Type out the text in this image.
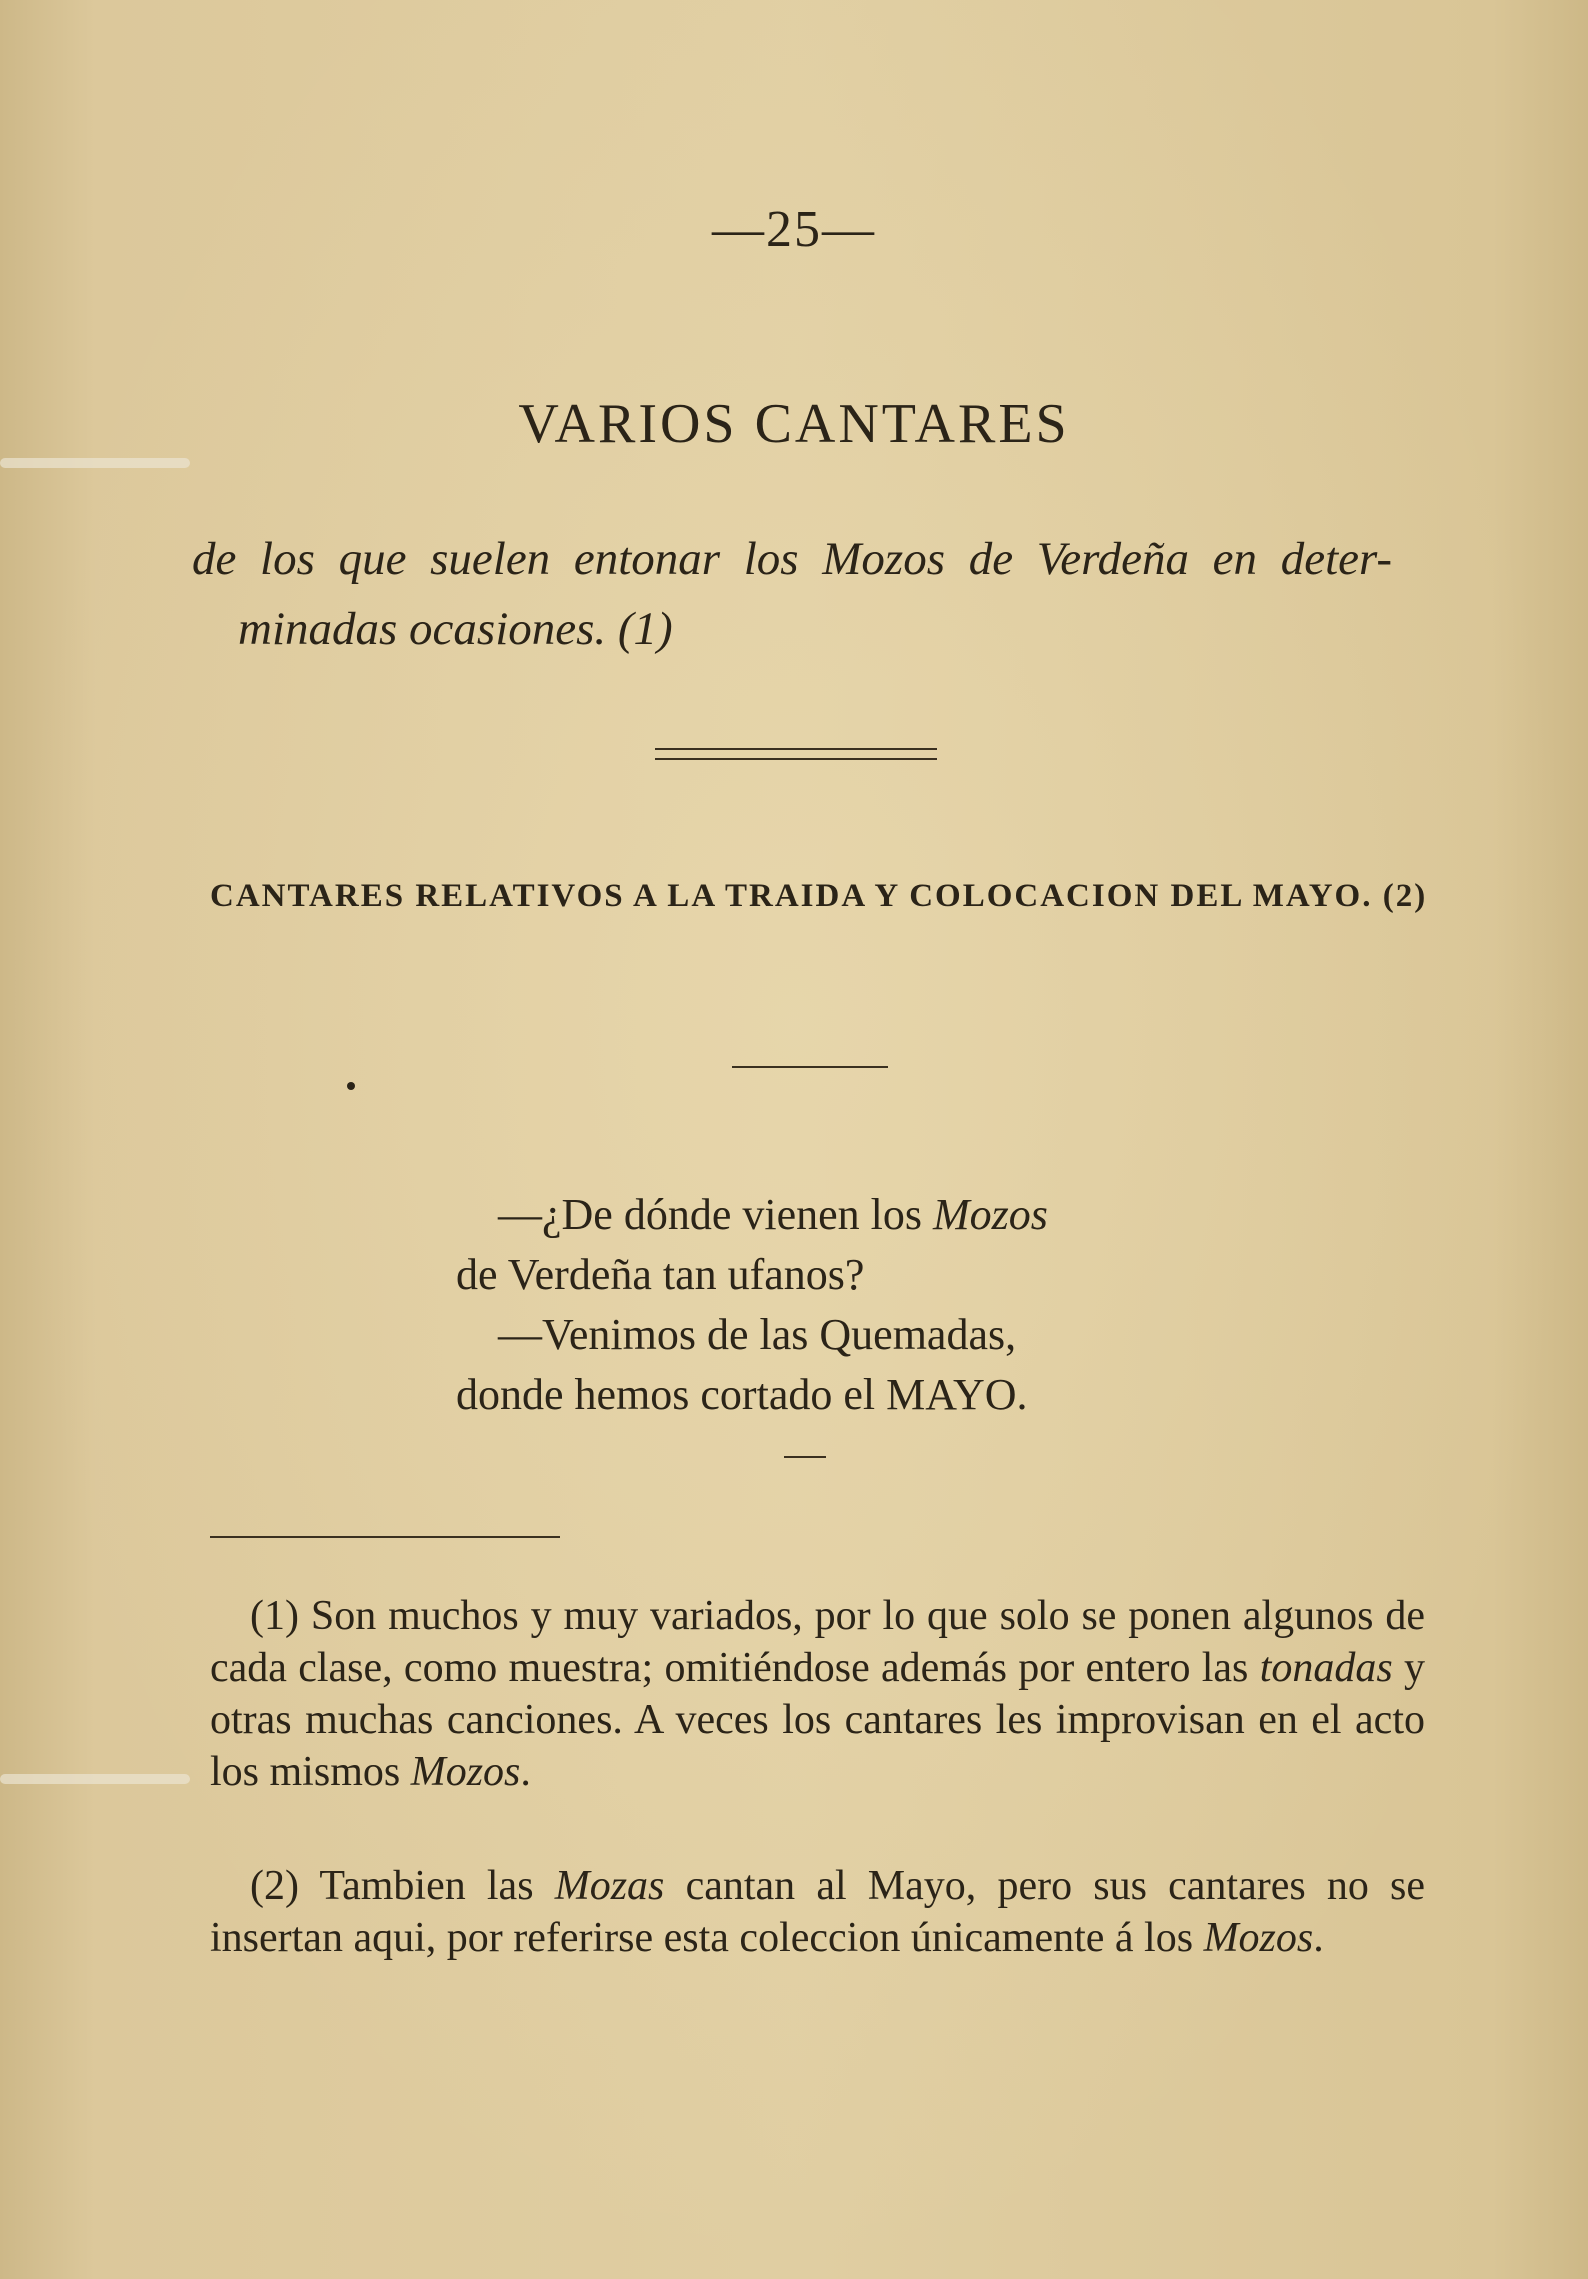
—25—
VARIOS CANTARES
de los que suelen entonar los Mozos de Verdeña en deter-
minadas ocasiones. (1)
CANTARES RELATIVOS A LA TRAIDA Y COLOCACION DEL MAYO. (2)
—¿De dónde vienen los Mozos
de Verdeña tan ufanos?
—Venimos de las Quemadas,
donde hemos cortado el MAYO.
(1) Son muchos y muy variados, por lo que solo se ponen algunos de cada clase, como muestra; omitiéndose además por entero las tonadas y otras muchas canciones. A veces los cantares les improvisan en el acto los mismos Mozos.
(2) Tambien las Mozas cantan al Mayo, pero sus cantares no se insertan aqui, por referirse esta coleccion únicamente á los Mozos.
